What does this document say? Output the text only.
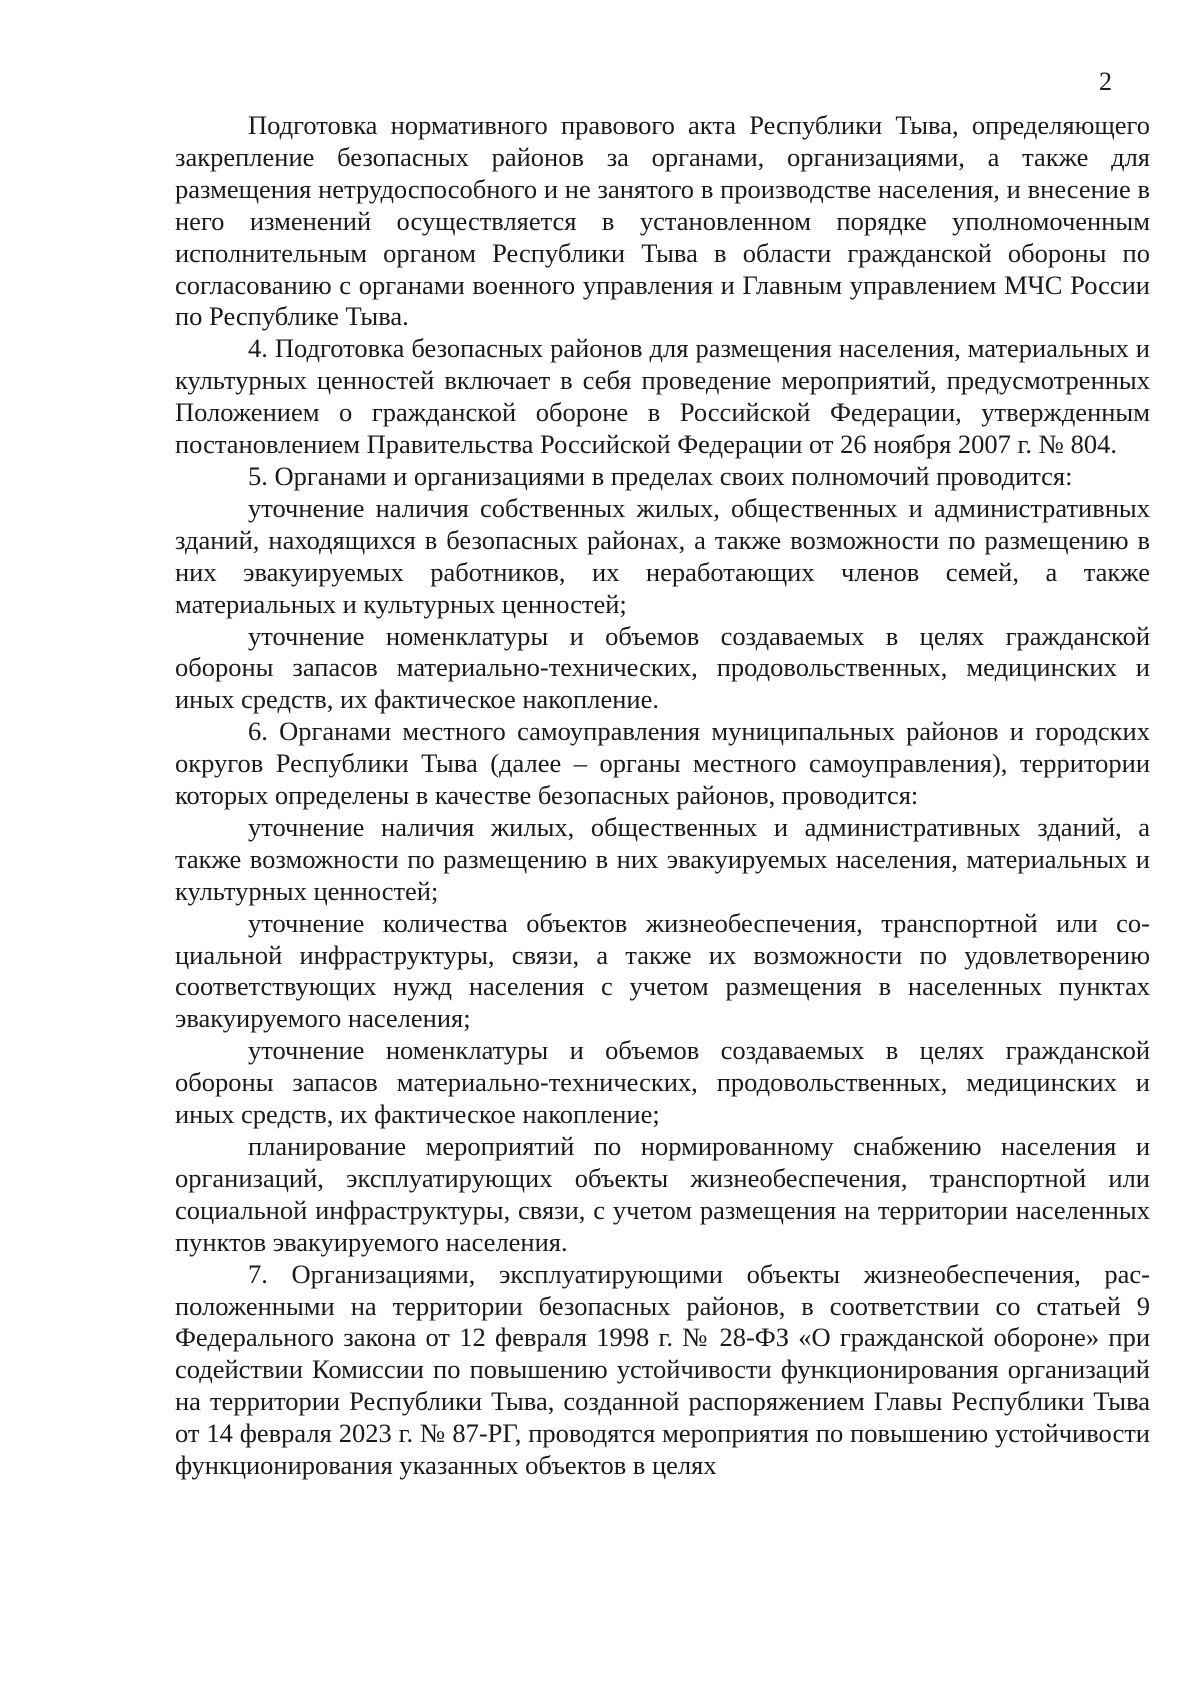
2

Подготовка нормативного правового акта Республики Тыва, определяющего закрепление безопасных районов за органами, организациями, а также для размещения нетрудоспособного и не занятого в производстве населения, и внесение в него изменений осуществляется в установленном порядке уполномоченным исполнительным органом Республики Тыва в области гражданской обороны по согласованию с органами военного управления и Главным управлением МЧС России по Республике Тыва.

4. Подготовка безопасных районов для размещения населения, материальных и культурных ценностей включает в себя проведение мероприятий, предусмотренных Положением о гражданской обороне в Российской Федерации, утвержденным постановлением Правительства Российской Федерации от 26 ноября 2007 г. № 804.

5. Органами и организациями в пределах своих полномочий проводится:

уточнение наличия собственных жилых, общественных и административных зданий, находящихся в безопасных районах, а также возможности по размещению в них эвакуируемых работников, их неработающих членов семей, а также материальных и культурных ценностей;

уточнение номенклатуры и объемов создаваемых в целях гражданской обороны запасов материально-технических, продовольственных, медицинских и иных средств, их фактическое накопление.

6. Органами местного самоуправления муниципальных районов и городских округов Республики Тыва (далее – органы местного самоуправления), территории которых определены в качестве безопасных районов, проводится:

уточнение наличия жилых, общественных и административных зданий, а также возможности по размещению в них эвакуируемых населения, материальных и культурных ценностей;

уточнение количества объектов жизнеобеспечения, транспортной или социальной инфраструктуры, связи, а также их возможности по удовлетворению соответствующих нужд населения с учетом размещения в населенных пунктах эвакуируемого населения;

уточнение номенклатуры и объемов создаваемых в целях гражданской обороны запасов материально-технических, продовольственных, медицинских и иных средств, их фактическое накопление;

планирование мероприятий по нормированному снабжению населения и организаций, эксплуатирующих объекты жизнеобеспечения, транспортной или социальной инфраструктуры, связи, с учетом размещения на территории населенных пунктов эвакуируемого населения.

7. Организациями, эксплуатирующими объекты жизнеобеспечения, расположенными на территории безопасных районов, в соответствии со статьей 9 Федерального закона от 12 февраля 1998 г. № 28-ФЗ «О гражданской обороне» при содействии Комиссии по повышению устойчивости функционирования организаций на территории Республики Тыва, созданной распоряжением Главы Республики Тыва от 14 февраля 2023 г. № 87-РГ, проводятся мероприятия по повышению устойчивости функционирования указанных объектов в целях
